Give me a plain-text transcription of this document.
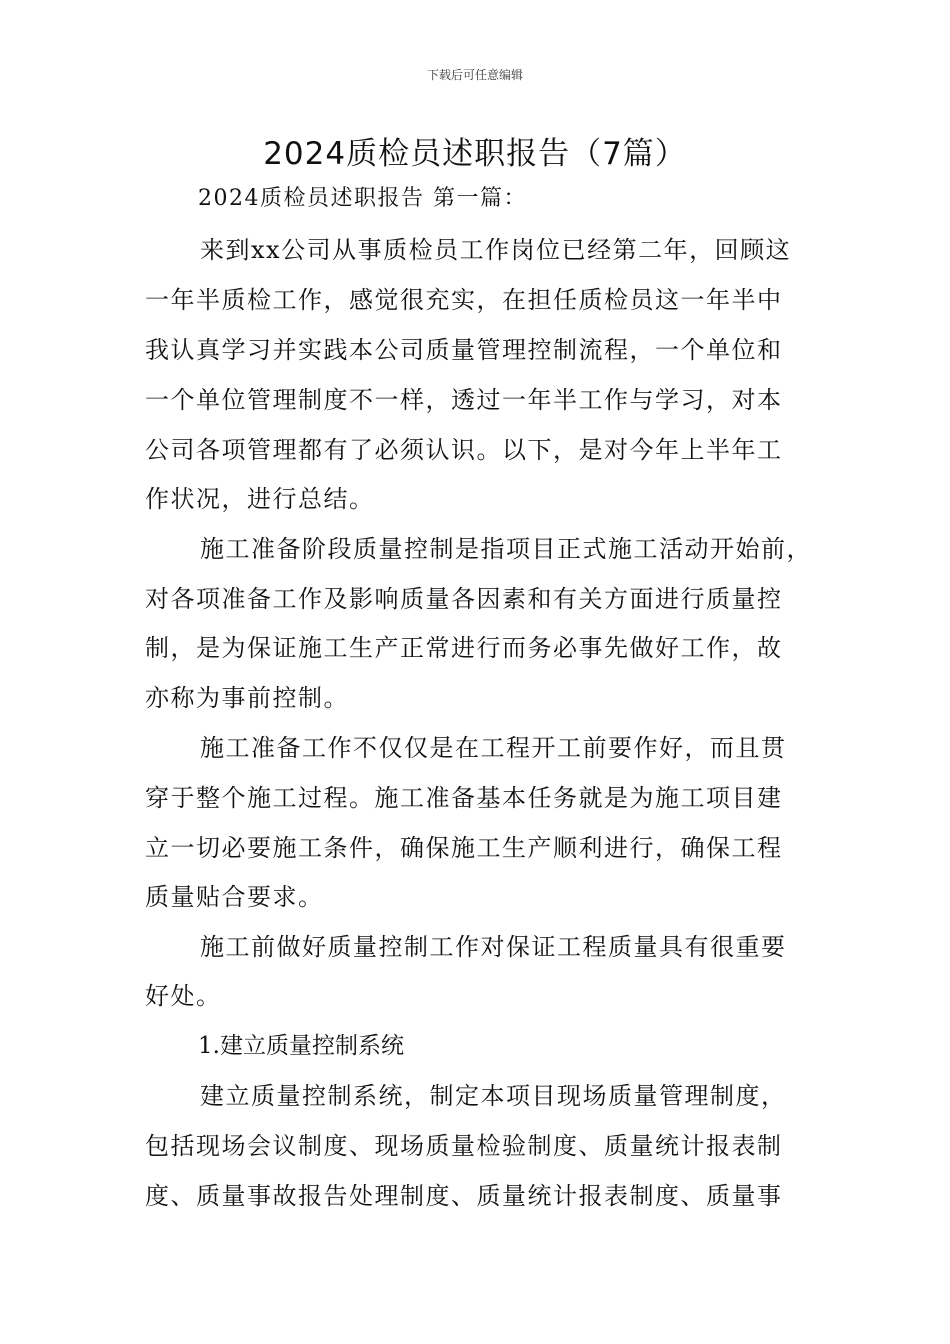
下载后可任意编辑
2024质检员述职报告（7篇）
2024质检员述职报告 第一篇：
来到xx公司从事质检员工作岗位已经第二年，回顾这
一年半质检工作，感觉很充实，在担任质检员这一年半中
我认真学习并实践本公司质量管理控制流程，一个单位和
一个单位管理制度不一样，透过一年半工作与学习，对本
公司各项管理都有了必须认识。以下，是对今年上半年工
作状况，进行总结。
施工准备阶段质量控制是指项目正式施工活动开始前，
对各项准备工作及影响质量各因素和有关方面进行质量控
制，是为保证施工生产正常进行而务必事先做好工作，故
亦称为事前控制。
施工准备工作不仅仅是在工程开工前要作好，而且贯
穿于整个施工过程。施工准备基本任务就是为施工项目建
立一切必要施工条件，确保施工生产顺利进行，确保工程
质量贴合要求。
施工前做好质量控制工作对保证工程质量具有很重要
好处。
1.建立质量控制系统
建立质量控制系统，制定本项目现场质量管理制度，
包括现场会议制度、现场质量检验制度、质量统计报表制
度、质量事故报告处理制度、质量统计报表制度、质量事
